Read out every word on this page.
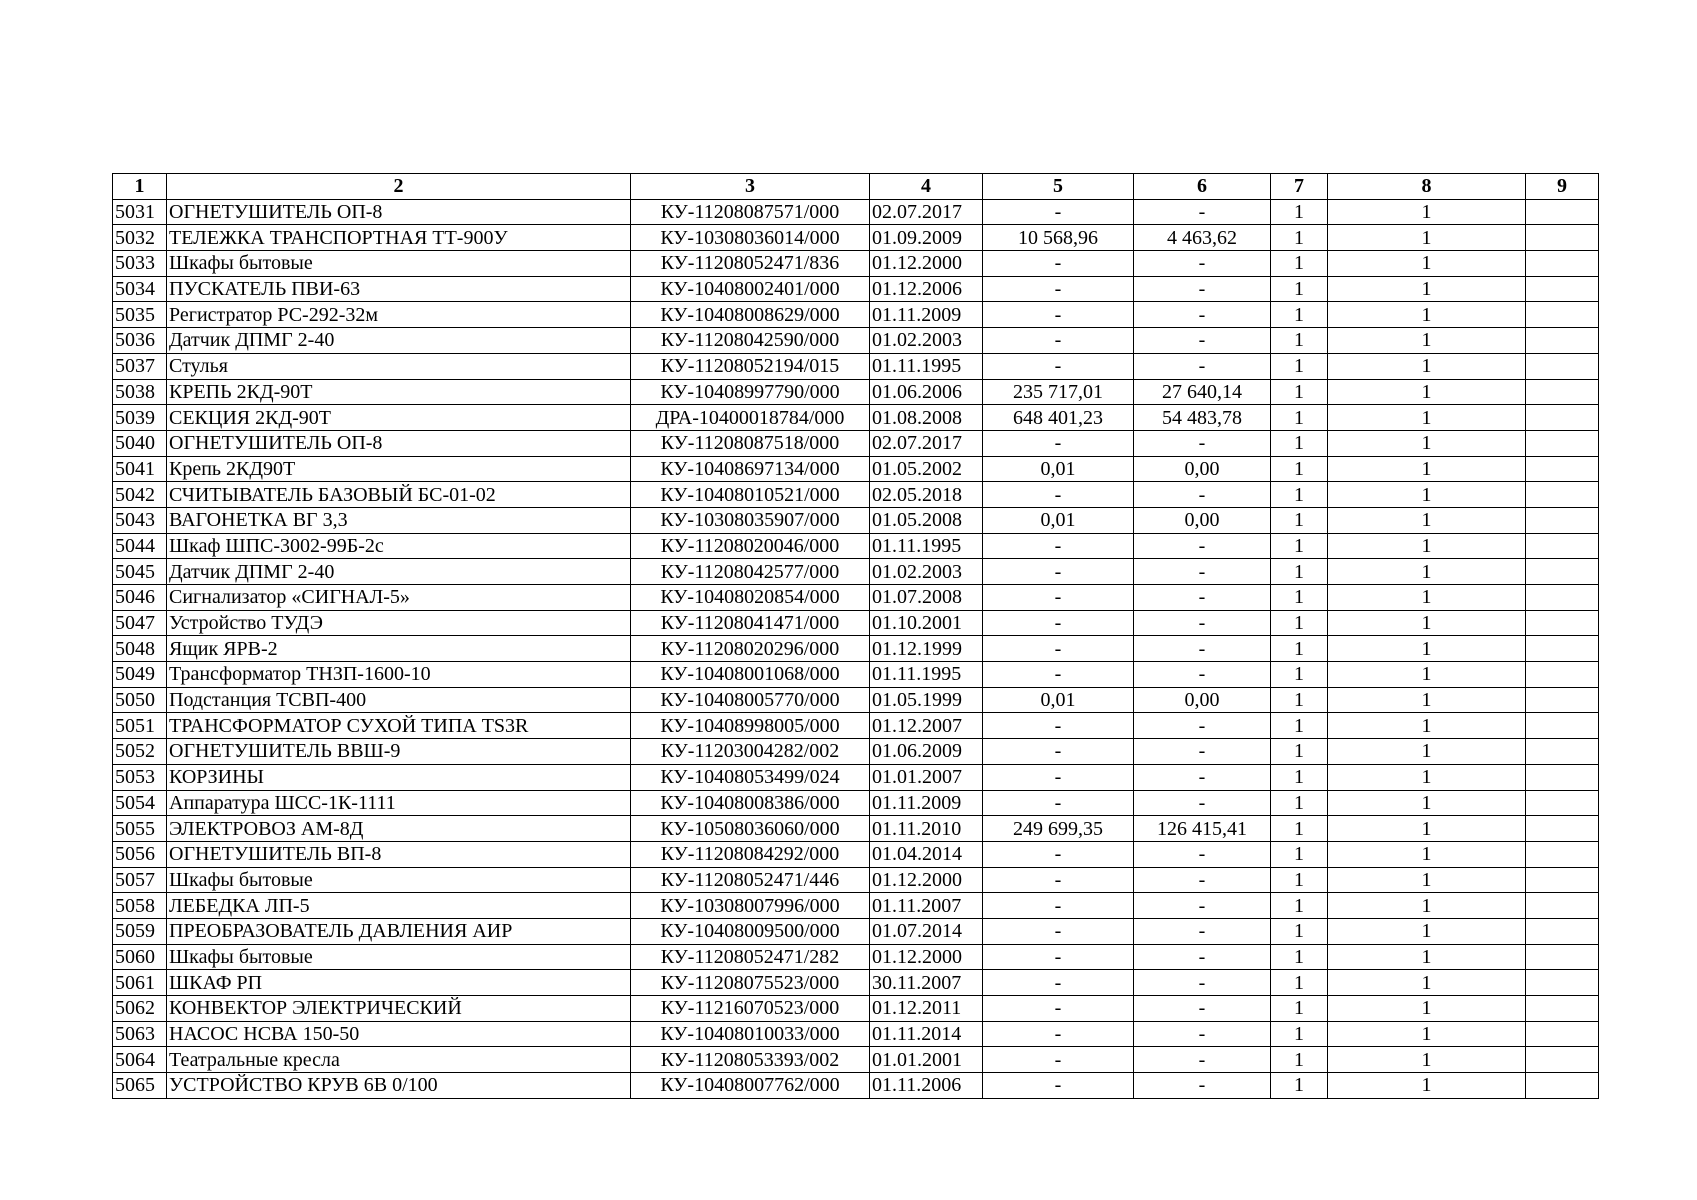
1	2	3	4	5	6	7	8	9
5031	ОГНЕТУШИТЕЛЬ ОП-8	КУ-11208087571/000	02.07.2017	-	-	1	1	
5032	ТЕЛЕЖКА ТРАНСПОРТНАЯ ТТ-900У	КУ-10308036014/000	01.09.2009	10 568,96	4 463,62	1	1	
5033	Шкафы бытовые	КУ-11208052471/836	01.12.2000	-	-	1	1	
5034	ПУСКАТЕЛЬ ПВИ-63	КУ-10408002401/000	01.12.2006	-	-	1	1	
5035	Регистратор РС-292-32м	КУ-10408008629/000	01.11.2009	-	-	1	1	
5036	Датчик ДПМГ 2-40	КУ-11208042590/000	01.02.2003	-	-	1	1	
5037	Стулья	КУ-11208052194/015	01.11.1995	-	-	1	1	
5038	КРЕПЬ 2КД-90Т	КУ-10408997790/000	01.06.2006	235 717,01	27 640,14	1	1	
5039	СЕКЦИЯ 2КД-90Т	ДРА-10400018784/000	01.08.2008	648 401,23	54 483,78	1	1	
5040	ОГНЕТУШИТЕЛЬ ОП-8	КУ-11208087518/000	02.07.2017	-	-	1	1	
5041	Крепь 2КД90Т	КУ-10408697134/000	01.05.2002	0,01	0,00	1	1	
5042	СЧИТЫВАТЕЛЬ БАЗОВЫЙ БС-01-02	КУ-10408010521/000	02.05.2018	-	-	1	1	
5043	ВАГОНЕТКА ВГ 3,3	КУ-10308035907/000	01.05.2008	0,01	0,00	1	1	
5044	Шкаф ШПС-3002-99Б-2с	КУ-11208020046/000	01.11.1995	-	-	1	1	
5045	Датчик ДПМГ 2-40	КУ-11208042577/000	01.02.2003	-	-	1	1	
5046	Сигнализатор «СИГНАЛ-5»	КУ-10408020854/000	01.07.2008	-	-	1	1	
5047	Устройство ТУДЭ	КУ-11208041471/000	01.10.2001	-	-	1	1	
5048	Ящик ЯРВ-2	КУ-11208020296/000	01.12.1999	-	-	1	1	
5049	Трансформатор ТНЗП-1600-10	КУ-10408001068/000	01.11.1995	-	-	1	1	
5050	Подстанция ТСВП-400	КУ-10408005770/000	01.05.1999	0,01	0,00	1	1	
5051	ТРАНСФОРМАТОР СУХОЙ ТИПА TS3R	КУ-10408998005/000	01.12.2007	-	-	1	1	
5052	ОГНЕТУШИТЕЛЬ ВВШ-9	КУ-11203004282/002	01.06.2009	-	-	1	1	
5053	КОРЗИНЫ	КУ-10408053499/024	01.01.2007	-	-	1	1	
5054	Аппаратура ШСС-1К-1111	КУ-10408008386/000	01.11.2009	-	-	1	1	
5055	ЭЛЕКТРОВОЗ АМ-8Д	КУ-10508036060/000	01.11.2010	249 699,35	126 415,41	1	1	
5056	ОГНЕТУШИТЕЛЬ ВП-8	КУ-11208084292/000	01.04.2014	-	-	1	1	
5057	Шкафы бытовые	КУ-11208052471/446	01.12.2000	-	-	1	1	
5058	ЛЕБЕДКА ЛП-5	КУ-10308007996/000	01.11.2007	-	-	1	1	
5059	ПРЕОБРАЗОВАТЕЛЬ ДАВЛЕНИЯ АИР	КУ-10408009500/000	01.07.2014	-	-	1	1	
5060	Шкафы бытовые	КУ-11208052471/282	01.12.2000	-	-	1	1	
5061	ШКАФ РП	КУ-11208075523/000	30.11.2007	-	-	1	1	
5062	КОНВЕКТОР ЭЛЕКТРИЧЕСКИЙ	КУ-11216070523/000	01.12.2011	-	-	1	1	
5063	НАСОС НСВА 150-50	КУ-10408010033/000	01.11.2014	-	-	1	1	
5064	Театральные кресла	КУ-11208053393/002	01.01.2001	-	-	1	1	
5065	УСТРОЙСТВО КРУВ 6В 0/100	КУ-10408007762/000	01.11.2006	-	-	1	1	
